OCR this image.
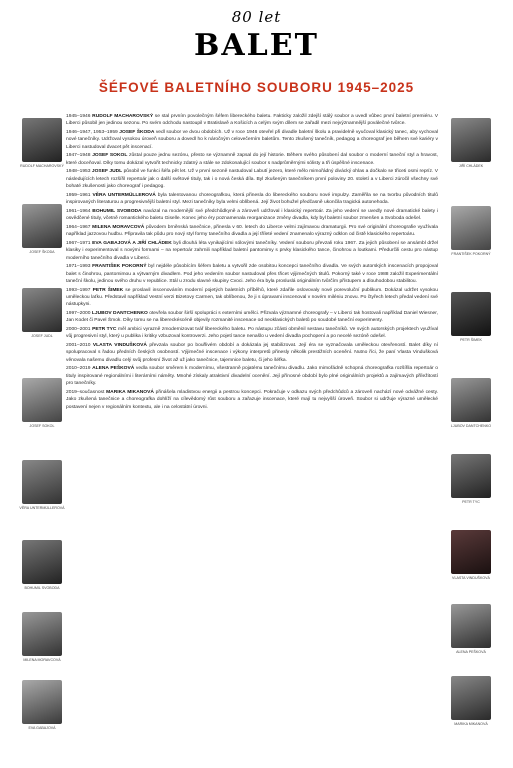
80 let
BALET
ŠÉFOVÉ BALETNÍHO SOUBORU 1945–2025
RUDOLF MACHAROVSKÝ
JOSEF ŠKODA
JOSEF JUDL
JOSEF SOKOL
VĚRA UNTERMÜLLEROVÁ
BOHUMIL SVOBODA
MILENA MORAVCOVÁ
EVA GABAJOVÁ
JIŘÍ CHLÁDEK
FRANTIŠEK POKORNÝ
PETR ŠIMEK
LJUBOV DANTCHENKO
PETR TYC
VLASTA VINDUŠKOVÁ
ALENA PEŠKOVÁ
MARIKA MIKANOVÁ

1945–1946 RUDOLF MACHAROVSKÝ se stal prvním povolečným šéfem libereckého baletu. Fakticky založil zdejší stálý soubor a uvedl vůbec první baletní premiéru. V Liberci působil jen jedinou sezonu. Po svém odchodu nastoupil v Bratislavě a Košicích a celým svým dílem se zařadil mezi nejvýznamnější poválečné tvůrce.

1946–1947, 1953–1959 JOSEF ŠKODA vedl soubor ve dvou obdobích. Už v roce 1946 otevřel při divadle baletní školu a pravidelně vyučoval klasický tanec, aby vychoval nové tanečníky. Udržoval vysokou úroveň souboru a dovedl ho k náročným celovečerním baletům. Tento zkušený tanečník, pedagog a choreograf jen během své kariéry v Liberci nastudoval dvacet pět inscenací.

1947–1948 JOSEF SOKOL zůstal pouze jednu sezónu, přesto se významně zapsal do její historie. Během svého působení dal soubor o moderní taneční styl a hravost, které doceňoval. Díky tomu dokázal vytvořit technicky zdatný a stále se zdokonalující soubor s nadprůměrnými sólisty a tři úspěšné inscenace.

1948–1953 JOSEF JUDL působil ve funkci šéfa pět let. Už v první sezoně nastudoval Labutí jezero, které mělo mimořádný divácký ohlas a dočkalo se třiceti osmi repríz. V následujících letech rozšířil repertoár jak o další světové tituly, tak i o nová česká díla. Byl zkušeným tanečníkem první poloviny 20. století a v Liberci zúročil všechny své bohaté zkušenosti jako choreograf i pedagog.

1959–1961 VĚRA UNTERMÜLLEROVÁ byla talentovanou choreografkou, která přinesla do libereckého souboru nové impulzy. Zaměřila se na tvorbu původních titulů inspirovaných literaturou a progresivnější baletní styl. Mezi tanečníky byla velmi oblíbená. Její život bohužel předčasně ukončila tragická autonehoda.

1961–1964 BOHUMIL SVOBODA navázal na modernější své předchůdkyně a zároveň udržoval i klasický repertoár. Za jeho vedení se uvedly nové dramatické balety i osvědčené tituly, včetně romantického baletu Giselle. Konec jeho éry poznamenala reorganizace změny divadla, kdy byl baletní soubor zmenšen a Svoboda odešel.

1964–1967 MILENA MORAVCOVÁ původem brněnská tanečnice, přinesla v 60. letech do Liberce velmi zajímavou dramaturgii. Pro své originální choreografie využívala například jazzovou hudbu. Připravila tak půdu pro nový styl formy tanečního divadla a její tříleté vedení znamenalo výrazný odklon od čistě klasického repertoáru.

1967–1971 EVA GABAJOVÁ A JIŘÍ CHLÁDEK byli dlouhá léta vynikajícími sólovými tanečníky. Vedení souboru převzali roku 1967. Za jejich působení se ansámbl držel klasiky i experimentoval s novými formami – na repertoár zahrnili například baletní pantomimy s prvky klasického tance, činohrou a loutkami. Předurčili cestu pro nástup moderního tanečního divadla v Liberci.

1971–1993 FRANTIŠEK POKORNÝ byl nejdéle působícím šéfem baletu a vytvořil zde osobitou koncepci tanečního divadla. Ve svých autorských inscenacích propojoval balet s činohrou, pantomimou a výtvarným divadlem. Pod jeho vedením soubor nastudoval přes třicet výjimečných titulů. Pokorný také v roce 1988 založil Experimentální taneční školu, jedinou svého druhu v republice. Stál u zrodu slavné skupiny Cvoci. Jeho éra byla prosluslá originálním tvůrčím přístupem a dlouhodobou stabilitou.

1993–1997 PETR ŠIMEK se proslavil inscenováním moderní pojetých baletních příběhů, které zdařile oslovovaly nové porevoluční publikum. Dokázal udržet vysokou uměleckou laťku. Představil například Vestní verzi Bizetovy Carmen, tak oblíbenou, že ji s úpravami inscenoval v novém miléniu znovu. Po čtyřech letech předal vedení své nástupkyni.

1997–2000 LJUBOV DANTCHENKO otevřela soubor širší spolupráci s externími umělci. Přizvala významné choreografy – v Liberci tak hostovali například Daniel Wiesner, Jan Kodet či Pavel Šmok. Díky tomu se na libereckéscéně objevily rozmanité inscenace od neoklasických baletů po soudobé taneční experimenty.

2000–2001 PETR TYC měl ambici vyrazně zmodernizovat tvář libereckého baletu. Po nástupu zčásti obměnil sestavu tanečníků. Ve svých autorských projektech využíval vůj progresivní styl, který u publika i kritiky vzbuzoval kontroverzi. Jeho pojetí tance nenašlo u vedení divadla pochopení a po necelé sezóně odešel.

2001–2010 VLASTA VINDUŠKOVÁ převzala soubor po bouřlivém období a dokázala jej stabilizovat. Její éra se vyznačovala uměleckou otevřeností. Balet díky ní spolupracoval s řadou předních českých osobností. Výjimečné inscenace i výkony interpretů přinesly několik prestižních ocenění. Nutno říci, že paní Vlasta Vindušková věnovala našemu divadlu celý svůj profesní život až už jako tanečnice, tajemnice baletu, či jeho šéfka.

2010–2019 ALENA PEŠKOVÁ vedla soubor směrem k modernímu, všestranně pojatému tanečnímu divadlu. Jako mimořádně schopná choreografka rozšířila repertoár o tituly inspirované regionálními i literárními náměty. Mnohé získaly atraktivní divadelní ocenění. Její přínosné období bylo plné originálních projektů a zajímavých příležitostí pro tanečníky.

2019–současnost MARIKA MIKANOVÁ přinášela mladistvou energii a pestrou koncepci. Pokračuje v odkazu svých předchůdců a zároveň nachází nové odvážné cesty. Jako zkušená tanečnice a choreografka dohlíží na cílevědomý růst souboru a zařazuje inscenace, které mají tu nejvyšší úroveň. Soubor si udržuje výrazné umělecké postavení nejen v regionálním kontextu, ale i na celostátní úrovni.
